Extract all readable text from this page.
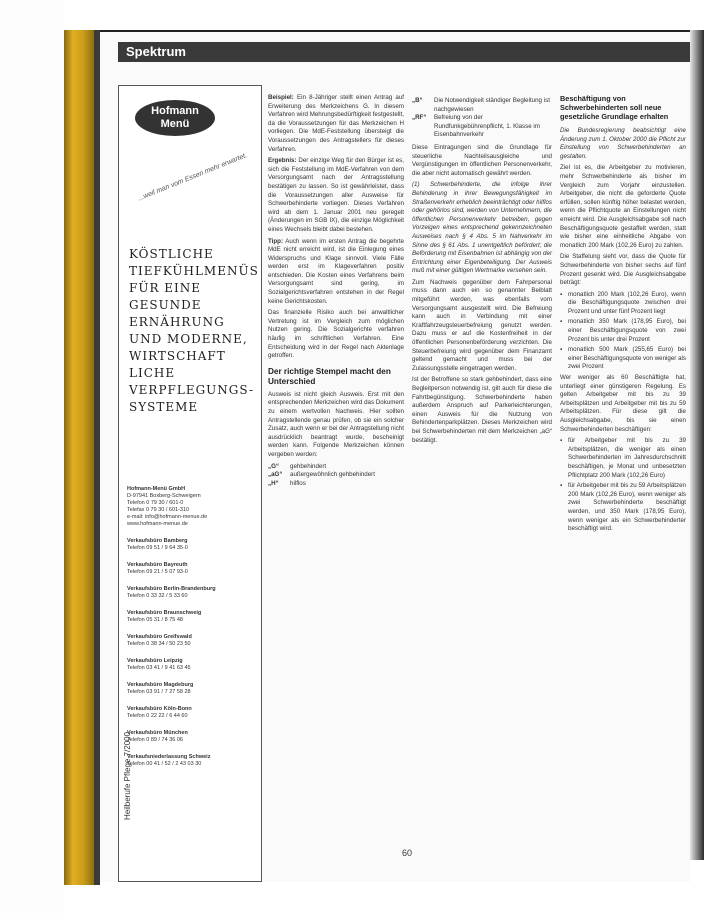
Spektrum
Hofmann
Menü
...weil man vom Essen mehr erwartet.
KÖSTLICHE
TIEFKÜHLMENÜS
FÜR EINE
GESUNDE
ERNÄHRUNG
UND MODERNE,
WIRTSCHAFT
LICHE
VERPFLEGUNGS-
SYSTEME
Hofmann-Menü GmbH
D-97941 Boxberg-Schweigern
Telefon 0 79 30 / 601-0
Telefax 0 79 30 / 601-310
e-mail: info@hofmann-menue.de
www.hofmann-menue.de
Verkaufsbüro Bamberg
Telefon 09 51 / 9 64 35-0
Verkaufsbüro Bayreuth
Telefon 09 21 / 5 07 93-0
Verkaufsbüro Berlin-Brandenburg
Telefon 0 33 32 / 5 33 60
Verkaufsbüro Braunschweig
Telefon 05 31 / 8 75 48
Verkaufsbüro Greifswald
Telefon 0 38 34 / 50 23 50
Verkaufsbüro Leipzig
Telefon 03 41 / 9 41 63 45
Verkaufsbüro Magdeburg
Telefon 03 91 / 7 27 58 28
Verkaufsbüro Köln-Bonn
Telefon 0 22 22 / 6 44 60
Verkaufsbüro München
Telefon 0 89 / 74 36 06
Verkaufsniederlassung Schweiz
Telefon 00 41 / 52 / 2 43 03 30
Heilberufe Pflege 7/2000

Beispiel: Ein 8-Jähriger stellt einen Antrag auf Erweiterung des Merkzeichens G. In diesem Verfahren wird Mehrungsbedürftigkeit festgestellt, da die Voraussetzungen für das Merkzeichen H vorliegen. Die MdE-Feststellung übersteigt die Voraussetzungen des Antragstellers für dieses Verfahren.

Ergebnis: Der einzige Weg für den Bürger ist es, sich die Feststellung im MdE-Verfahren von dem Versorgungsamt nach der Antragsstellung bestätigen zu lassen. So ist gewährleistet, dass die Voraussetzungen aller Ausweise für Schwerbehinderte vorliegen. Dieses Verfahren wird ab dem 1. Januar 2001 neu geregelt (Änderungen im SGB IX), die einzige Möglichkeit eines Wechsels bleibt dabei bestehen.

Tipp: Auch wenn im ersten Antrag die begehrte MdE nicht erreicht wird, ist die Einlegung eines Widerspruchs und Klage sinnvoll. Viele Fälle werden erst im Klageverfahren positiv entschieden. Die Kosten eines Verfahrens beim Versorgungsamt sind gering, im Sozialgerichtsverfahren entstehen in der Regel keine Gerichtskosten.

Das finanzielle Risiko auch bei anwaltlicher Vertretung ist im Vergleich zum möglichen Nutzen gering. Die Sozialgerichte verfahren häufig im schriftlichen Verfahren. Eine Entscheidung wird in der Regel nach Aktenlage getroffen.

Der richtige Stempel macht den Unterschied

Ausweis ist nicht gleich Ausweis. Erst mit den entsprechenden Merkzeichen wird das Dokument zu einem wertvollen Nachweis. Hier sollten Antragstellende genau prüfen, ob sie ein solcher Zusatz, auch wenn er bei der Antragstellung nicht ausdrücklich beantragt wurde, bescheinigt werden kann. Folgende Merkzeichen können vergeben werden:

„G“	gehbehindert
„aG“	außergewöhnlich gehbehindert
„H“	hilflos
„B“	Die Notwendigkeit ständiger Begleitung ist nachgewiesen
„RF“	Befreiung von der Rundfunkgebührenpflicht, 1. Klasse im Eisenbahnverkehr

Diese Eintragungen sind die Grundlage für steuerliche Nachteilsausgleiche und Vergünstigungen im öffentlichen Personenverkehr, die aber nicht automatisch gewährt werden.

(1) Schwerbehinderte, die infolge ihrer Behinderung in ihrer Bewegungsfähigkeit im Straßenverkehr erheblich beeinträchtigt oder hilflos oder gehörlos sind, werden von Unternehmern, die öffentlichen Personenverkehr betreiben, gegen Vorzeigen eines entsprechend gekennzeichneten Ausweises nach § 4 Abs. 5 im Nahverkehr im Sinne des § 61 Abs. 1 unentgeltlich befördert; die Beförderung mit Eisenbahnen ist abhängig von der Entrichtung einer Eigenbeteiligung. Der Ausweis muß mit einer gültigen Wertmarke versehen sein.

Zum Nachweis gegenüber dem Fahrpersonal muss dann auch ein so genannter Beiblatt mitgeführt werden, was ebenfalls vom Versorgungsamt ausgestellt wird. Die Befreiung kann auch in Verbindung mit einer Kraftfahrzeugsteuerbefreiung genutzt werden. Dazu muss er auf die Kostenfreiheit in der öffentlichen Personenbeförderung verzichten. Die Steuerbefreiung wird gegenüber dem Finanzamt geltend gemacht und muss bei der Zulassungsstelle eingetragen werden.

Ist der Betroffene so stark gehbehindert, dass eine Begleitperson notwendig ist, gilt auch für diese die Fahrtbegünstigung. Schwerbehinderte haben außerdem Anspruch auf Parkerleichterungen, einen Ausweis für die Nutzung von Behindertenparkplätzen. Dieses Merkzeichen wird bei Schwerbehinderten mit dem Merkzeichen „aG“ bestätigt.

Beschäftigung von Schwerbehinderten soll neue gesetzliche Grundlage erhalten

Die Bundesregierung beabsichtigt eine Änderung zum 1. Oktober 2000 die Pflicht zur Einstellung von Schwerbehinderten an gestalten.

Ziel ist es, die Arbeitgeber zu motivieren, mehr Schwerbehinderte als bisher im Vergleich zum Vorjahr einzustellen. Arbeitgeber, die nicht die geforderte Quote erfüllen, sollen künftig höher belastet werden, wenn die Pflichtquote an Einstellungen nicht erreicht wird. Die Ausgleichsabgabe soll nach Beschäftigungsquote gestaffelt werden, statt wie bisher eine einheitliche Abgabe von monatlich 200 Mark (102,26 Euro) zu zahlen.

Die Staffelung sieht vor, dass die Quote für Schwerbehinderte von bisher sechs auf fünf Prozent gesenkt wird. Die Ausgleichsabgabe beträgt:

▪ monatlich 200 Mark (102,26 Euro), wenn die Beschäftigungsquote zwischen drei Prozent und unter fünf Prozent liegt
▪ monatlich 350 Mark (178,95 Euro), bei einer Beschäftigungsquote von zwei Prozent bis unter drei Prozent
▪ monatlich 500 Mark (255,65 Euro) bei einer Beschäftigungsquote von weniger als zwei Prozent

Wer weniger als 60 Beschäftigte hat, unterliegt einer günstigeren Regelung. Es gelten Arbeitgeber mit bis zu 39 Arbeitsplätzen und Arbeitgeber mit bis zu 59 Arbeitsplätzen. Für diese gilt die Ausgleichsabgabe, bis sie einen Schwerbehinderten beschäftigen:

▪ für Arbeitgeber mit bis zu 39 Arbeitsplätzen, die weniger als einen Schwerbehinderten im Jahresdurchschnitt beschäftigen, je Monat und unbesetzten Pflichtplatz 200 Mark (102,26 Euro)
▪ für Arbeitgeber mit bis zu 59 Arbeitsplätzen 200 Mark (102,26 Euro), wenn weniger als zwei Schwerbehinderte beschäftigt werden, und 350 Mark (178,95 Euro), wenn weniger als ein Schwerbehinderter beschäftigt wird.
60
